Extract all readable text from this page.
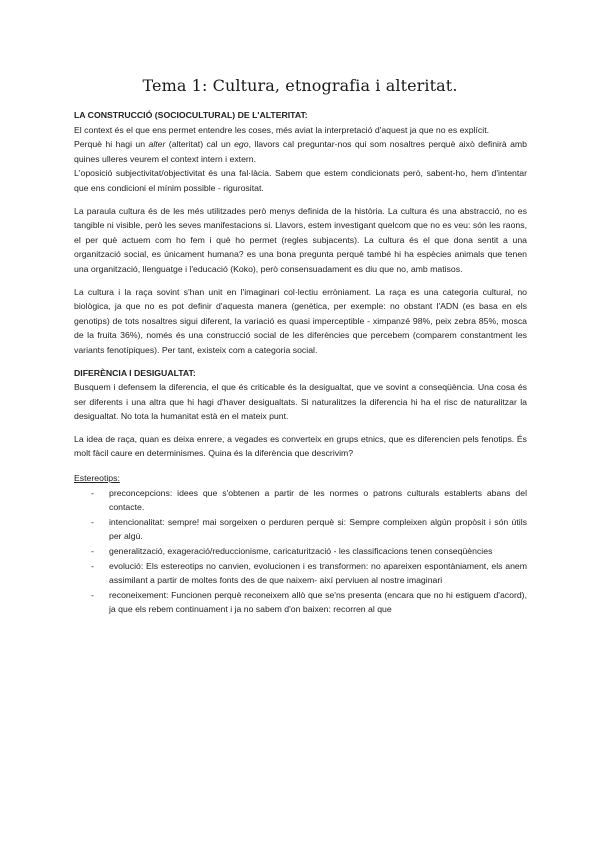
Tema 1: Cultura, etnografia i alteritat.
LA CONSTRUCCIÓ (SOCIOCULTURAL) DE L'ALTERITAT:

El context és el que ens permet entendre les coses, més aviat la interpretació d'aquest ja que no es explícit.

Perquè hi hagi un alter (alteritat) cal un ego, llavors cal preguntar-nos qui som nosaltres perquè això definirà amb quines ulleres veurem el context intern i extern.

L'oposició subjectivitat/objectivitat és una fal·làcia. Sabem que estem condicionats però, sabent-ho, hem d'intentar que ens condicioni el mínim possible - rigurositat.

La paraula cultura és de les més utilitzades però menys definida de la història. La cultura és una abstracció, no es tangible ni visible, però les seves manifestacions si. Llavors, estem investigant quelcom que no es veu: són les raons, el per què actuem com ho fem i què ho permet (regles subjacents). La cultura és el que dona sentit a una organització social, es únicament humana? es una bona pregunta perquè també hi ha espècies animals que tenen una organització, llenguatge i l'educació (Koko), però consensuadament es diu que no, amb matisos.

La cultura i la raça sovint s'han unit en l'imaginari col·lectiu erròniament. La raça es una categoria cultural, no biològica, ja que no es pot definir d'aquesta manera (genètica, per exemple: no obstant l'ADN (es basa en els genotips) de tots nosaltres sigui diferent, la variació es quasi imperceptible - ximpanzé 98%, peix zebra 85%, mosca de la fruita 36%), només és una construcció social de les diferències que percebem (comparem constantment les variants fenotípiques). Per tant, existeix com a categoria social.

DIFERÈNCIA I DESIGUALTAT:

Busquem i defensem la diferencia, el que és criticable és la desigualtat, que ve sovint a conseqüència. Una cosa és ser diferents i una altra que hi hagi d'haver desigualtats. Si naturalitzes la diferencia hi ha el risc de naturalitzar la desigualtat. No tota la humanitat està en el mateix punt.

La idea de raça, quan es deixa enrere, a vegades es converteix en grups etnics, que es diferencien pels fenotips. És molt fàcil caure en determinismes. Quina és la diferència que descrivim?

Estereotips:

- preconcepcions: idees que s'obtenen a partir de les normes o patrons culturals establerts abans del contacte.
- intencionalitat: sempre! mai sorgeixen o perduren perquè si: Sempre compleixen algún propòsit i són útils per algú.
- generalització, exageració/reduccionisme, caricaturització - les classificacions tenen conseqüències
- evolució: Els estereotips no canvien, evolucionen i es transformen: no apareixen espontàniament, els anem assimilant a partir de moltes fonts des de que naixem- així perviuen al nostre imaginari
- reconeixement: Funcionen perquè reconeixem allò que se'ns presenta (encara que no hi estiguem d'acord), ja que els rebem continuament i ja no sabem d'on baixen: recorren al que
